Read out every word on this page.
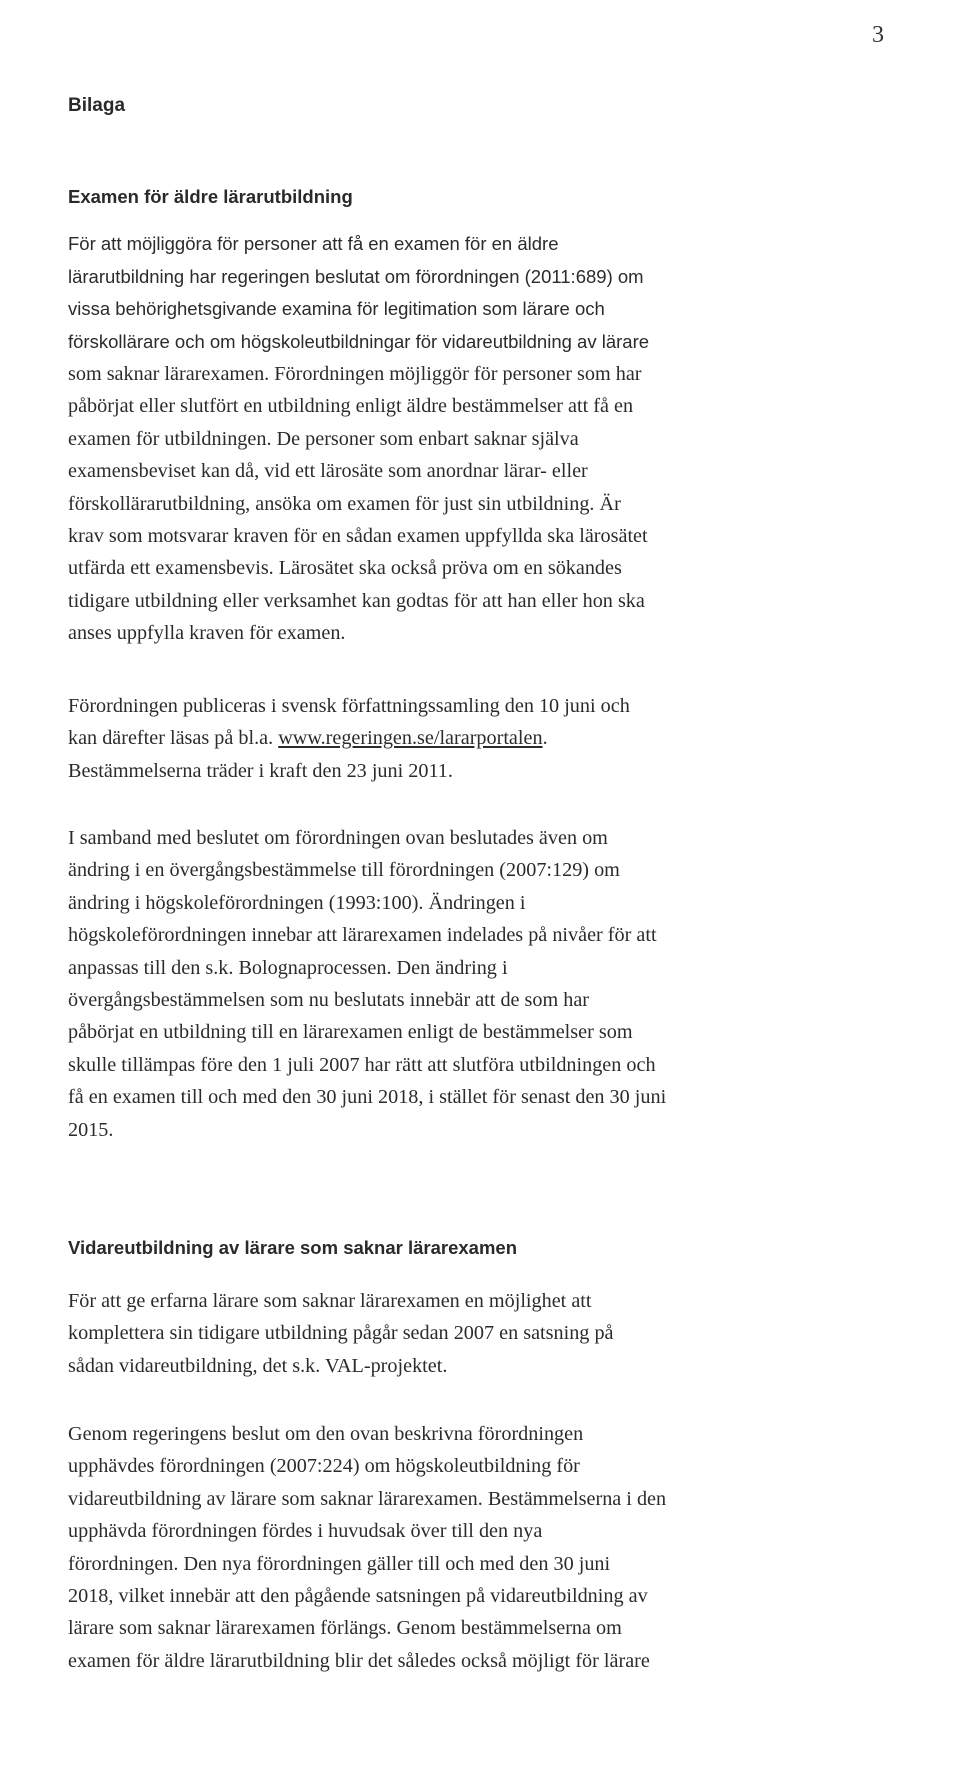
3
Bilaga
Examen för äldre lärarutbildning

För att möjliggöra för personer att få en examen för en äldre
lärarutbildning har regeringen beslutat om förordningen (2011:689) om
vissa behörighetsgivande examina för legitimation som lärare och
förskollärare och om högskoleutbildningar för vidareutbildning av lärare
som saknar lärarexamen. Förordningen möjliggör för personer som har
påbörjat eller slutfört en utbildning enligt äldre bestämmelser att få en
examen för utbildningen. De personer som enbart saknar själva
examensbeviset kan då, vid ett lärosäte som anordnar lärar- eller
förskollärarutbildning, ansöka om examen för just sin utbildning. Är
krav som motsvarar kraven för en sådan examen uppfyllda ska lärosätet
utfärda ett examensbevis. Lärosätet ska också pröva om en sökandes
tidigare utbildning eller verksamhet kan godtas för att han eller hon ska
anses uppfylla kraven för examen.

Förordningen publiceras i svensk författningssamling den 10 juni och
kan därefter läsas på bl.a. www.regeringen.se/lararportalen.
Bestämmelserna träder i kraft den 23 juni 2011.

I samband med beslutet om förordningen ovan beslutades även om
ändring i en övergångsbestämmelse till förordningen (2007:129) om
ändring i högskoleförordningen (1993:100). Ändringen i
högskoleförordningen innebar att lärarexamen indelades på nivåer för att
anpassas till den s.k. Bolognaprocessen. Den ändring i
övergångsbestämmelsen som nu beslutats innebär att de som har
påbörjat en utbildning till en lärarexamen enligt de bestämmelser som
skulle tillämpas före den 1 juli 2007 har rätt att slutföra utbildningen och
få en examen till och med den 30 juni 2018, i stället för senast den 30 juni
2015.

Vidareutbildning av lärare som saknar lärarexamen

För att ge erfarna lärare som saknar lärarexamen en möjlighet att
komplettera sin tidigare utbildning pågår sedan 2007 en satsning på
sådan vidareutbildning, det s.k. VAL-projektet.

Genom regeringens beslut om den ovan beskrivna förordningen
upphävdes förordningen (2007:224) om högskoleutbildning för
vidareutbildning av lärare som saknar lärarexamen. Bestämmelserna i den
upphävda förordningen fördes i huvudsak över till den nya
förordningen. Den nya förordningen gäller till och med den 30 juni
2018, vilket innebär att den pågående satsningen på vidareutbildning av
lärare som saknar lärarexamen förlängs. Genom bestämmelserna om
examen för äldre lärarutbildning blir det således också möjligt för lärare
